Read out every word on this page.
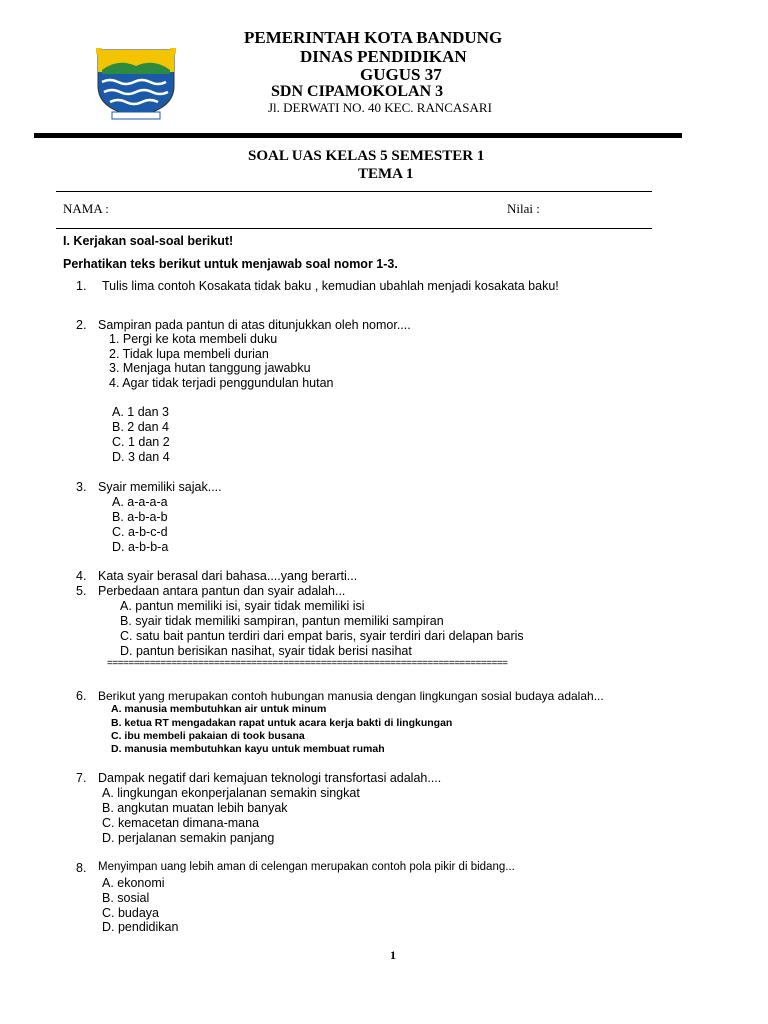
PEMERINTAH KOTA BANDUNG
DINAS PENDIDIKAN
GUGUS 37
SDN CIPAMOKOLAN 3
Jl. DERWATI NO. 40 KEC. RANCASARI
SOAL UAS KELAS 5 SEMESTER 1
TEMA 1
NAMA :	Nilai :
I. Kerjakan soal-soal berikut!
Perhatikan teks berikut untuk menjawab soal nomor 1-3.
1. Tulis lima contoh Kosakata tidak baku , kemudian ubahlah menjadi kosakata baku!
2. Sampiran pada pantun di atas ditunjukkan oleh nomor....
1. Pergi ke kota membeli duku
2. Tidak lupa membeli durian
3. Menjaga hutan tanggung jawabku
4. Agar tidak terjadi penggundulan hutan
A. 1 dan 3
B. 2 dan 4
C. 1 dan 2
D. 3 dan 4
3. Syair memiliki sajak....
A. a-a-a-a
B. a-b-a-b
C. a-b-c-d
D. a-b-b-a
4. Kata syair berasal dari bahasa....yang berarti...
5. Perbedaan antara pantun dan syair adalah...
A. pantun memiliki isi, syair tidak memiliki isi
B. syair tidak memiliki sampiran, pantun memiliki sampiran
C. satu bait pantun terdiri dari empat baris, syair terdiri dari delapan baris
D. pantun berisikan nasihat, syair tidak berisi nasihat
===========================================================================
6. Berikut yang merupakan contoh hubungan manusia dengan lingkungan sosial budaya adalah...
A. manusia membutuhkan air untuk minum
B. ketua RT mengadakan rapat untuk acara kerja bakti di lingkungan
C. ibu membeli pakaian di took busana
D. manusia membutuhkan kayu untuk membuat rumah
7. Dampak negatif dari kemajuan teknologi transfortasi adalah....
A. lingkungan ekonperjalanan semakin singkat
B. angkutan muatan lebih banyak
C. kemacetan dimana-mana
D. perjalanan semakin panjang
8. Menyimpan uang lebih aman di celengan merupakan contoh pola pikir di bidang...
A. ekonomi
B. sosial
C. budaya
D. pendidikan
1
